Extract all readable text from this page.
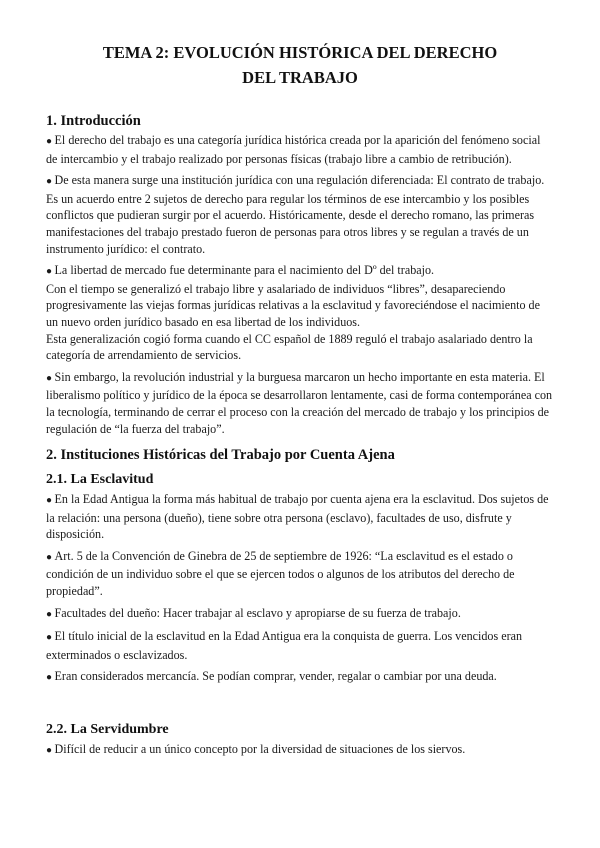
TEMA 2: EVOLUCIÓN HISTÓRICA DEL DERECHO
DEL TRABAJO
1. Introducción

● El derecho del trabajo es una categoría jurídica histórica creada por la aparición del fenómeno social de intercambio y el trabajo realizado por personas físicas (trabajo libre a cambio de retribución).

● De esta manera surge una institución jurídica con una regulación diferenciada: El contrato de trabajo. Es un acuerdo entre 2 sujetos de derecho para regular los términos de ese intercambio y los posibles conflictos que pudieran surgir por el acuerdo. Históricamente, desde el derecho romano, las primeras manifestaciones del trabajo prestado fueron de personas para otros libres y se regulan a través de un instrumento jurídico: el contrato.

● La libertad de mercado fue determinante para el nacimiento del Dº del trabajo.

Con el tiempo se generalizó el trabajo libre y asalariado de individuos “libres”, desapareciendo progresivamente las viejas formas jurídicas relativas a la esclavitud y favoreciéndose el nacimiento de un nuevo orden jurídico basado en esa libertad de los individuos.

Esta generalización cogió forma cuando el CC español de 1889 reguló el trabajo asalariado dentro la categoría de arrendamiento de servicios.

● Sin embargo, la revolución industrial y la burguesa marcaron un hecho importante en esta materia. El liberalismo político y jurídico de la época se desarrollaron lentamente, casi de forma contemporánea con la tecnología, terminando de cerrar el proceso con la creación del mercado de trabajo y los principios de regulación de “la fuerza del trabajo”.

2. Instituciones Históricas del Trabajo por Cuenta Ajena
2.1. La Esclavitud

● En la Edad Antigua la forma más habitual de trabajo por cuenta ajena era la esclavitud. Dos sujetos de la relación: una persona (dueño), tiene sobre otra persona (esclavo), facultades de uso, disfrute y disposición.

● Art. 5 de la Convención de Ginebra de 25 de septiembre de 1926: “La esclavitud es el estado o condición de un individuo sobre el que se ejercen todos o algunos de los atributos del derecho de propiedad”.

● Facultades del dueño: Hacer trabajar al esclavo y apropiarse de su fuerza de trabajo.

● El título inicial de la esclavitud en la Edad Antigua era la conquista de guerra. Los vencidos eran exterminados o esclavizados.

● Eran considerados mercancía. Se podían comprar, vender, regalar o cambiar por una deuda.

2.2. La Servidumbre

● Difícil de reducir a un único concepto por la diversidad de situaciones de los siervos.
